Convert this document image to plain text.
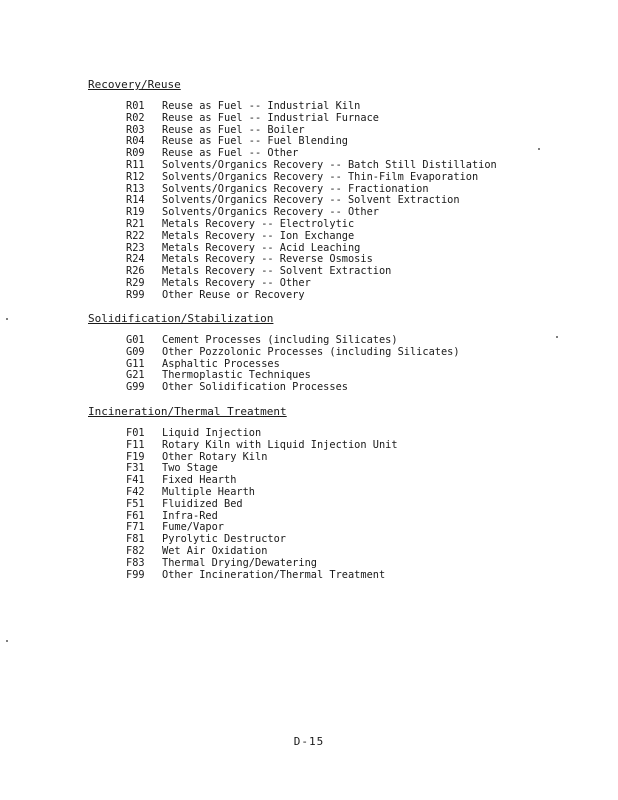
Recovery/Reuse
R01	Reuse as Fuel -- Industrial Kiln
R02	Reuse as Fuel -- Industrial Furnace
R03	Reuse as Fuel -- Boiler
R04	Reuse as Fuel -- Fuel Blending
R09	Reuse as Fuel -- Other
R11	Solvents/Organics Recovery -- Batch Still Distillation
R12	Solvents/Organics Recovery -- Thin-Film Evaporation
R13	Solvents/Organics Recovery -- Fractionation
R14	Solvents/Organics Recovery -- Solvent Extraction
R19	Solvents/Organics Recovery -- Other
R21	Metals Recovery -- Electrolytic
R22	Metals Recovery -- Ion Exchange
R23	Metals Recovery -- Acid Leaching
R24	Metals Recovery -- Reverse Osmosis
R26	Metals Recovery -- Solvent Extraction
R29	Metals Recovery -- Other
R99	Other Reuse or Recovery
Solidification/Stabilization
G01	Cement Processes (including Silicates)
G09	Other Pozzolonic Processes (including Silicates)
G11	Asphaltic Processes
G21	Thermoplastic Techniques
G99	Other Solidification Processes
Incineration/Thermal Treatment
F01	Liquid Injection
F11	Rotary Kiln with Liquid Injection Unit
F19	Other Rotary Kiln
F31	Two Stage
F41	Fixed Hearth
F42	Multiple Hearth
F51	Fluidized Bed
F61	Infra-Red
F71	Fume/Vapor
F81	Pyrolytic Destructor
F82	Wet Air Oxidation
F83	Thermal Drying/Dewatering
F99	Other Incineration/Thermal Treatment
D-15
